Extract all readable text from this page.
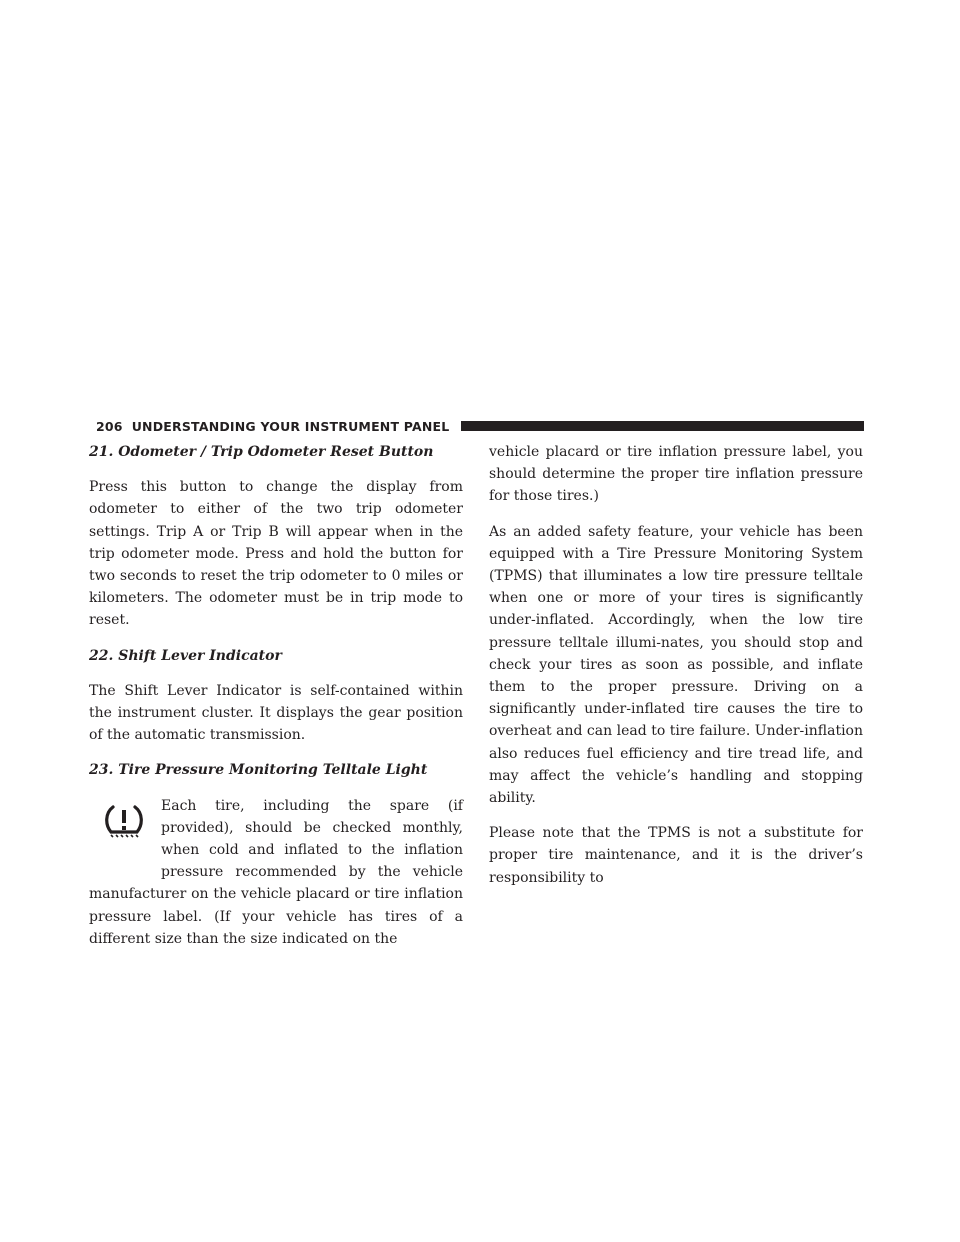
206 UNDERSTANDING YOUR INSTRUMENT PANEL

21. Odometer / Trip Odometer Reset Button

Press this button to change the display from odometer to either of the two trip odometer settings. Trip A or Trip B will appear when in the trip odometer mode. Press and hold the button for two seconds to reset the trip odometer to 0 miles or kilometers. The odometer must be in trip mode to reset.

22. Shift Lever Indicator

The Shift Lever Indicator is self-contained within the instrument cluster. It displays the gear position of the automatic transmission.

23. Tire Pressure Monitoring Telltale Light

Each tire, including the spare (if provided), should be checked monthly, when cold and inflated to the inflation pressure recommended by the vehicle manufacturer on the vehicle placard or tire inflation pressure label. (If your vehicle has tires of a different size than the size indicated on the

vehicle placard or tire inflation pressure label, you should determine the proper tire inflation pressure for those tires.)

As an added safety feature, your vehicle has been equipped with a Tire Pressure Monitoring System (TPMS) that illuminates a low tire pressure telltale when one or more of your tires is significantly under-inflated. Accordingly, when the low tire pressure telltale illumi-nates, you should stop and check your tires as soon as possible, and inflate them to the proper pressure. Driving on a significantly under-inflated tire causes the tire to overheat and can lead to tire failure. Under-inflation also reduces fuel efficiency and tire tread life, and may affect the vehicle’s handling and stopping ability.

Please note that the TPMS is not a substitute for proper tire maintenance, and it is the driver’s responsibility to
